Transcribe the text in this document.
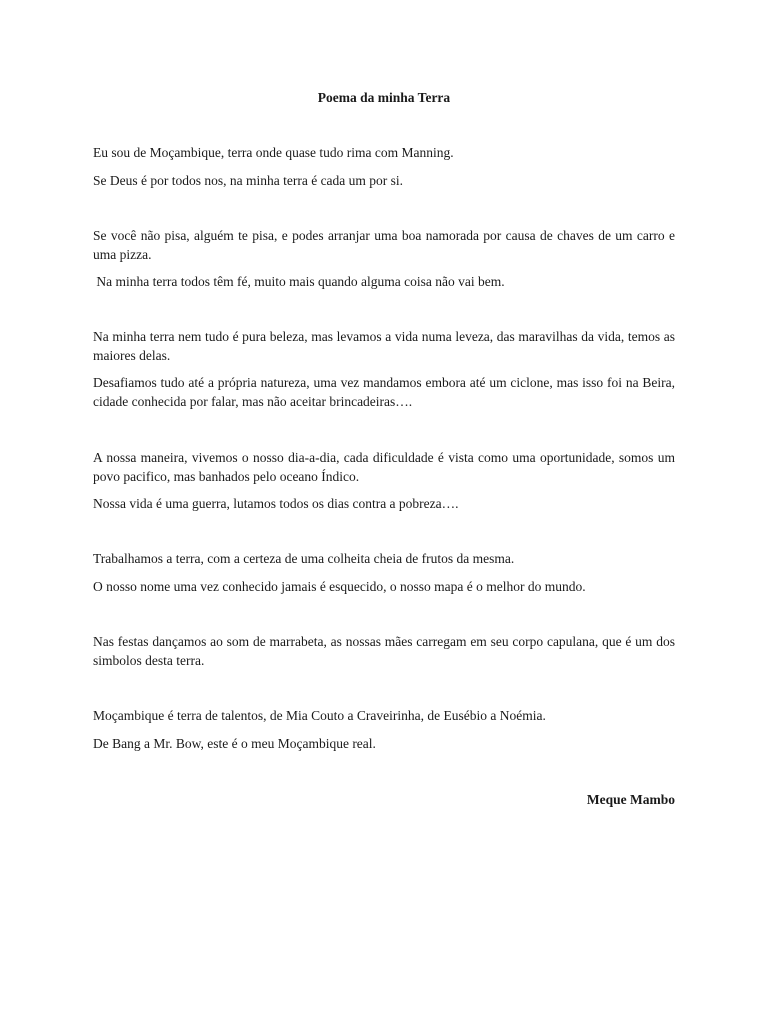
Poema da minha Terra

Eu sou de Moçambique, terra onde quase tudo rima com Manning.

Se Deus é por todos nos, na minha terra é cada um por si.

Se você não pisa, alguém te pisa, e podes arranjar uma boa namorada por causa de chaves de um carro e uma pizza.

Na minha terra todos têm fé, muito mais quando alguma coisa não vai bem.

Na minha terra nem tudo é pura beleza, mas levamos a vida numa leveza, das maravilhas da vida, temos as maiores delas.

Desafiamos tudo até a própria natureza, uma vez mandamos embora até um ciclone, mas isso foi na Beira, cidade conhecida por falar, mas não aceitar brincadeiras….

A nossa maneira, vivemos o nosso dia-a-dia, cada dificuldade é vista como uma oportunidade, somos um povo pacifico, mas banhados pelo oceano Índico.

Nossa vida é uma guerra, lutamos todos os dias contra a pobreza….

Trabalhamos a terra, com a certeza de uma colheita cheia de frutos da mesma.

O nosso nome uma vez conhecido jamais é esquecido, o nosso mapa é o melhor do mundo.

Nas festas dançamos ao som de marrabeta, as nossas mães carregam em seu corpo capulana, que é um dos simbolos desta terra.

Moçambique é terra de talentos, de Mia Couto a Craveirinha, de Eusébio a Noémia.

De Bang a Mr. Bow, este é o meu Moçambique real.

Meque Mambo
